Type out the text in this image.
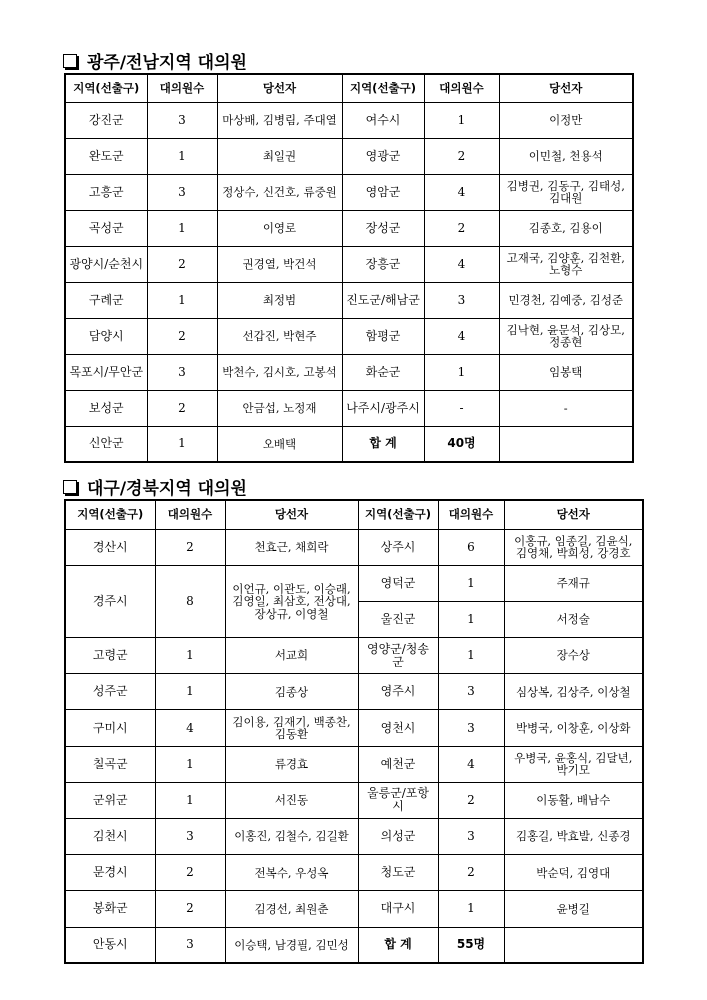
광주/전남지역 대의원
지역(선출구)	대의원수	당선자	지역(선출구)	대의원수	당선자
강진군	3	마상배, 김병림, 주대열	여수시	1	이정만
완도군	1	최일권	영광군	2	이민철, 천용석
고흥군	3	정상수, 신건호, 류중원	영암군	4	김병권, 김동구, 김태성, 김대원
곡성군	1	이영로	장성군	2	김종호, 김용이
광양시/순천시	2	권경열, 박건석	장흥군	4	고재국, 김양훈, 김천환, 노형수
구례군	1	최정범	진도군/해남군	3	민경천, 김예중, 김성준
담양시	2	선갑진, 박현주	함평군	4	김낙현, 윤문석, 김상모, 정종현
목포시/무안군	3	박천수, 김시호, 고봉석	화순군	1	임봉택
보성군	2	안금섭, 노정재	나주시/광주시	-	-
신안군	1	오배택	합 계	40명	
대구/경북지역 대의원
지역(선출구)	대의원수	당선자	지역(선출구)	대의원수	당선자
경산시	2	천효근, 채희락	상주시	6	이홍규, 임종길, 김윤식, 김영채, 박희성, 강경호
경주시	8	이언규, 이관도, 이승래, 김영일, 최삼호, 전상대, 장상규, 이영철	영덕군	1	주재규
			울진군	1	서정술
고령군	1	서교희	영양군/청송군	1	장수상
성주군	1	김종상	영주시	3	심상복, 김상주, 이상철
구미시	4	김이용, 김재기, 백종찬, 김동환	영천시	3	박병국, 이창훈, 이상화
칠곡군	1	류경효	예천군	4	우병국, 윤홍식, 김달년, 박기모
군위군	1	서진동	울릉군/포항시	2	이동활, 배남수
김천시	3	이홍진, 김철수, 김길환	의성군	3	김홍길, 박효발, 신종경
문경시	2	전복수, 우성옥	청도군	2	박순덕, 김영대
봉화군	2	김경선, 최원춘	대구시	1	윤병길
안동시	3	이승택, 남경필, 김민성	합 계	55명	
